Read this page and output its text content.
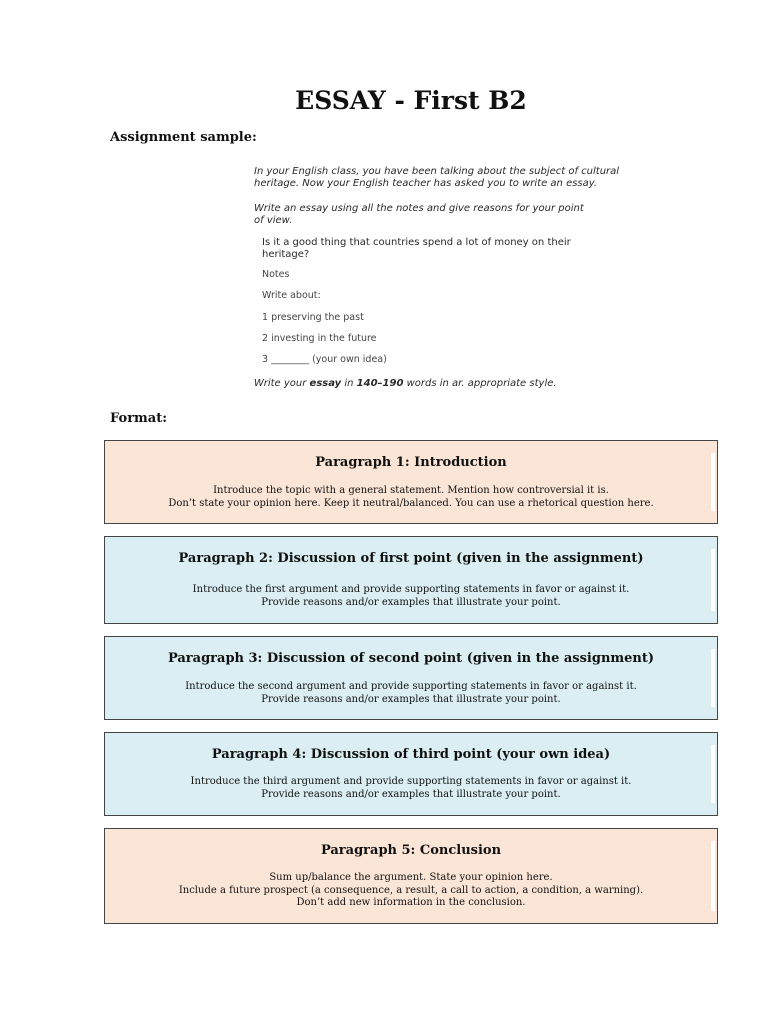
ESSAY - First B2
Assignment sample:
In your English class, you have been talking about the subject of cultural
heritage. Now your English teacher has asked you to write an essay.
Write an essay using all the notes and give reasons for your point
of view.
Is it a good thing that countries spend a lot of money on their
heritage?
Notes
Write about:
1 preserving the past
2 investing in the future
3 ________ (your own idea)
Write your essay in 140–190 words in ar. appropriate style.
Format:
Paragraph 1: Introduction
Introduce the topic with a general statement. Mention how controversial it is.
Don’t state your opinion here. Keep it neutral/balanced. You can use a rhetorical question here.
Paragraph 2: Discussion of first point (given in the assignment)
Introduce the first argument and provide supporting statements in favor or against it.
Provide reasons and/or examples that illustrate your point.
Paragraph 3: Discussion of second point (given in the assignment)
Introduce the second argument and provide supporting statements in favor or against it.
Provide reasons and/or examples that illustrate your point.
Paragraph 4: Discussion of third point (your own idea)
Introduce the third argument and provide supporting statements in favor or against it.
Provide reasons and/or examples that illustrate your point.
Paragraph 5: Conclusion
Sum up/balance the argument. State your opinion here.
Include a future prospect (a consequence, a result, a call to action, a condition, a warning).
Don’t add new information in the conclusion.
